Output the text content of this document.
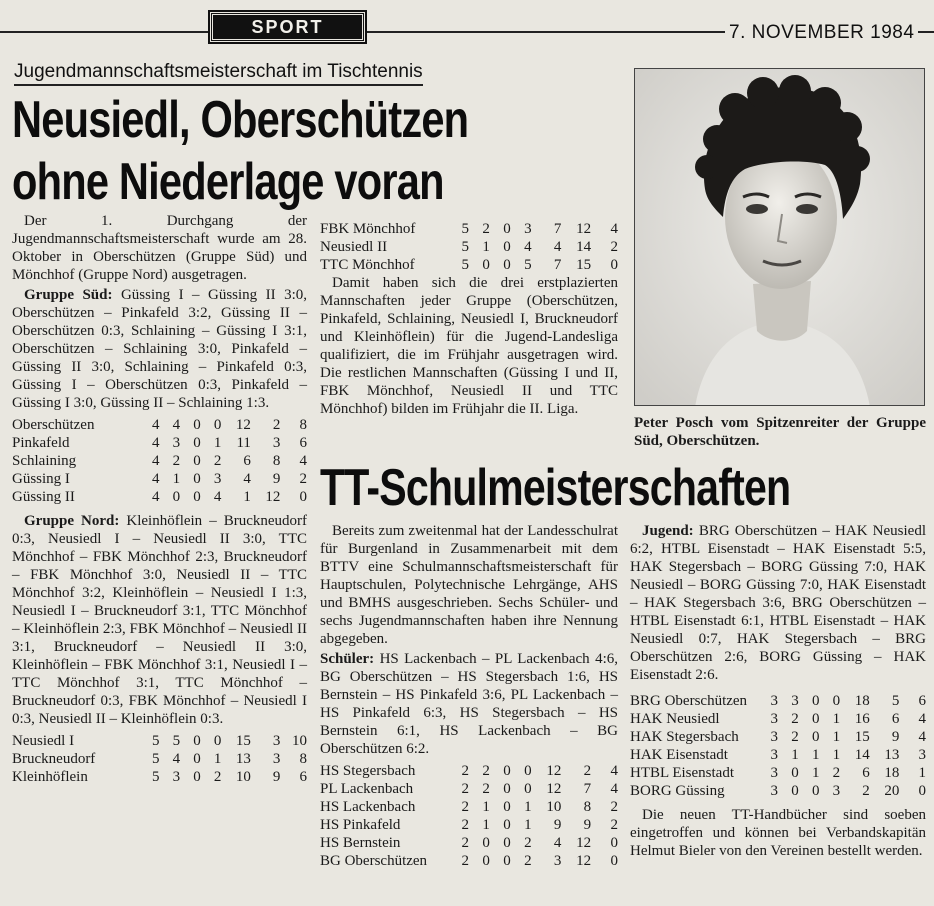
SPORT	7. NOVEMBER 1984
Jugendmannschaftsmeisterschaft im Tischtennis
Neusiedl, Oberschützen
ohne Niederlage voran

Der 1. Durchgang der Jugendmannschaftsmeisterschaft wurde am 28. Oktober in Oberschützen (Gruppe Süd) und Mönchhof (Gruppe Nord) ausgetragen.

Gruppe Süd: Güssing I – Güssing II 3:0, Oberschützen – Pinkafeld 3:2, Güssing II – Oberschützen 0:3, Schlaining – Güssing I 3:1, Oberschützen – Schlaining 3:0, Pinkafeld – Güssing II 3:0, Schlaining – Pinkafeld 0:3, Güssing I – Oberschützen 0:3, Pinkafeld – Güssing I 3:0, Güssing II – Schlaining 1:3.

Oberschützen	4	4	0	0	12	2	8
Pinkafeld	4	3	0	1	11	3	6
Schlaining	4	2	0	2	6	8	4
Güssing I	4	1	0	3	4	9	2
Güssing II	4	0	0	4	1	12	0

Gruppe Nord: Kleinhöflein – Bruckneudorf 0:3, Neusiedl I – Neusiedl II 3:0, TTC Mönchhof – FBK Mönchhof 2:3, Bruckneudorf – FBK Mönchhof 3:0, Neusiedl II – TTC Mönchhof 3:2, Kleinhöflein – Neusiedl I 1:3, Neusiedl I – Bruckneudorf 3:1, TTC Mönchhof – Kleinhöflein 2:3, FBK Mönchhof – Neusiedl II 3:1, Bruckneudorf – Neusiedl II 3:0, Kleinhöflein – FBK Mönchhof 3:1, Neusiedl I – TTC Mönchhof 3:1, TTC Mönchhof – Bruckneudorf 0:3, FBK Mönchhof – Neusiedl I 0:3, Neusiedl II – Kleinhöflein 0:3.

Neusiedl I	5	5	0	0	15	3	10
Bruckneudorf	5	4	0	1	13	3	8
Kleinhöflein	5	3	0	2	10	9	6
FBK Mönchhof	5	2	0	3	7	12	4
Neusiedl II	5	1	0	4	4	14	2
TTC Mönchhof	5	0	0	5	7	15	0

Damit haben sich die drei erstplazierten Mannschaften jeder Gruppe (Oberschützen, Pinkafeld, Schlaining, Neusiedl I, Bruckneudorf und Kleinhöflein) für die Jugend-Landesliga qualifiziert, die im Frühjahr ausgetragen wird. Die restlichen Mannschaften (Güssing I und II, FBK Mönchhof, Neusiedl II und TTC Mönchhof) bilden im Frühjahr die II. Liga.

Peter Posch vom Spitzenreiter der Gruppe Süd, Oberschützen.
TT-Schulmeisterschaften

Bereits zum zweitenmal hat der Landesschulrat für Burgenland in Zusammenarbeit mit dem BTTV eine Schulmannschaftsmeisterschaft für Hauptschulen, Polytechnische Lehrgänge, AHS und BMHS ausgeschrieben. Sechs Schüler- und sechs Jugendmannschaften haben ihre Nennung abgegeben.

Schüler: HS Lackenbach – PL Lackenbach 4:6, BG Oberschützen – HS Stegersbach 1:6, HS Bernstein – HS Pinkafeld 3:6, PL Lackenbach – HS Pinkafeld 6:3, HS Stegersbach – HS Bernstein 6:1, HS Lackenbach – BG Oberschützen 6:2.

HS Stegersbach	2	2	0	0	12	2	4
PL Lackenbach	2	2	0	0	12	7	4
HS Lackenbach	2	1	0	1	10	8	2
HS Pinkafeld	2	1	0	1	9	9	2
HS Bernstein	2	0	0	2	4	12	0
BG Oberschützen	2	0	0	2	3	12	0

Jugend: BRG Oberschützen – HAK Neusiedl 6:2, HTBL Eisenstadt – HAK Eisenstadt 5:5, HAK Stegersbach – BORG Güssing 7:0, HAK Neusiedl – BORG Güssing 7:0, HAK Eisenstadt – HAK Stegersbach 3:6, BRG Oberschützen – HTBL Eisenstadt 6:1, HTBL Eisenstadt – HAK Neusiedl 0:7, HAK Stegersbach – BRG Oberschützen 2:6, BORG Güssing – HAK Eisenstadt 2:6.

BRG Oberschützen	3	3	0	0	18	5	6
HAK Neusiedl	3	2	0	1	16	6	4
HAK Stegersbach	3	2	0	1	15	9	4
HAK Eisenstadt	3	1	1	1	14	13	3
HTBL Eisenstadt	3	0	1	2	6	18	1
BORG Güssing	3	0	0	3	2	20	0

Die neuen TT-Handbücher sind soeben eingetroffen und können bei Verbandskapitän Helmut Bieler von den Vereinen bestellt werden.
